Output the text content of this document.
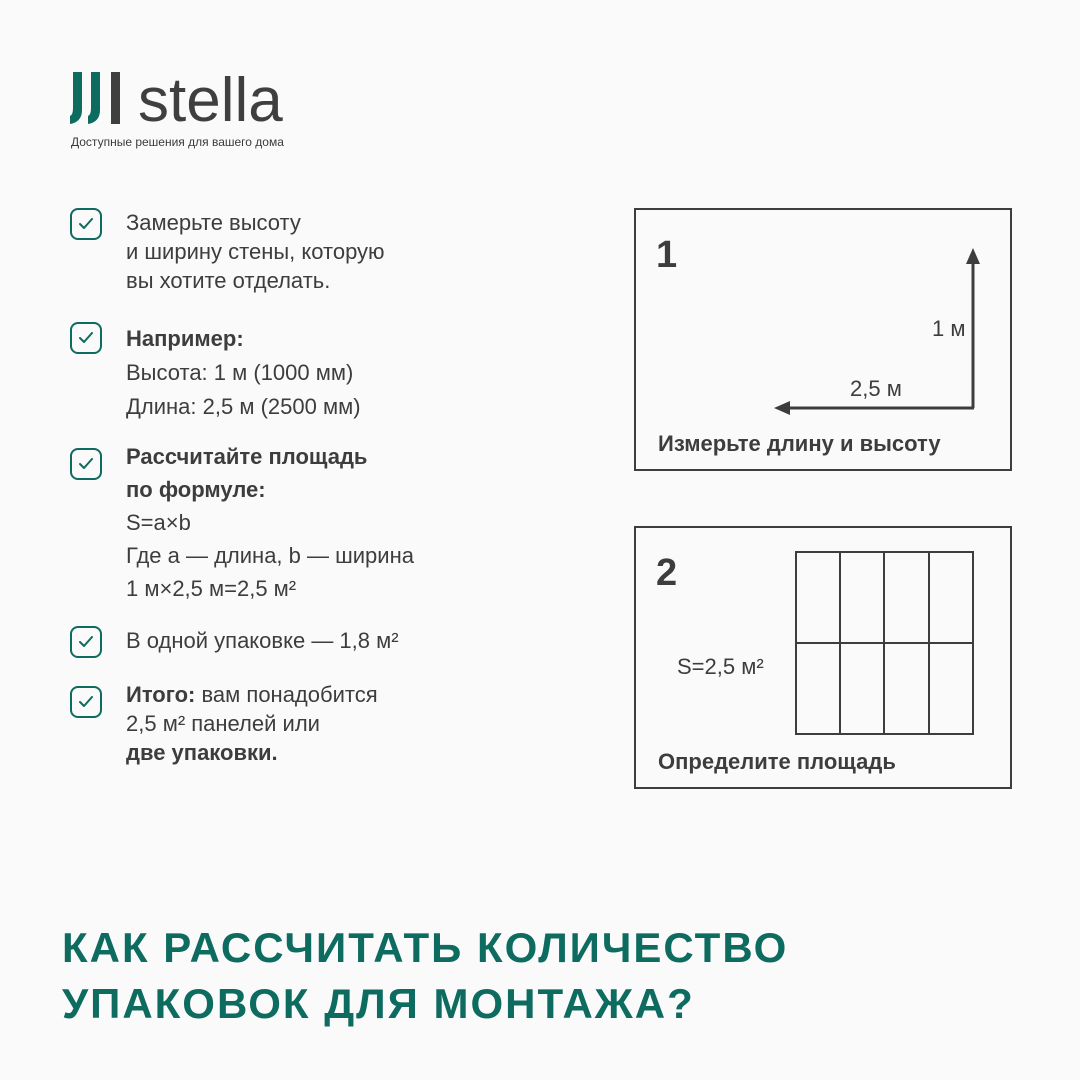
stella
Доступные решения для вашего дома
Замерьте высоту
и ширину стены, которую
вы хотите отделать.
Например:
Высота: 1 м (1000 мм)
Длина: 2,5 м (2500 мм)
Рассчитайте площадь
по формуле:
S=a×b
Где a — длина, b — ширина
1 м×2,5 м=2,5 м²
В одной упаковке — 1,8 м²
Итого: вам понадобится
2,5 м² панелей или
две упаковки.
1
1 м
2,5 м
Измерьте длину и высоту
2
S=2,5 м²
Определите площадь
КАК РАССЧИТАТЬ КОЛИЧЕСТВО
УПАКОВОК ДЛЯ МОНТАЖА?
